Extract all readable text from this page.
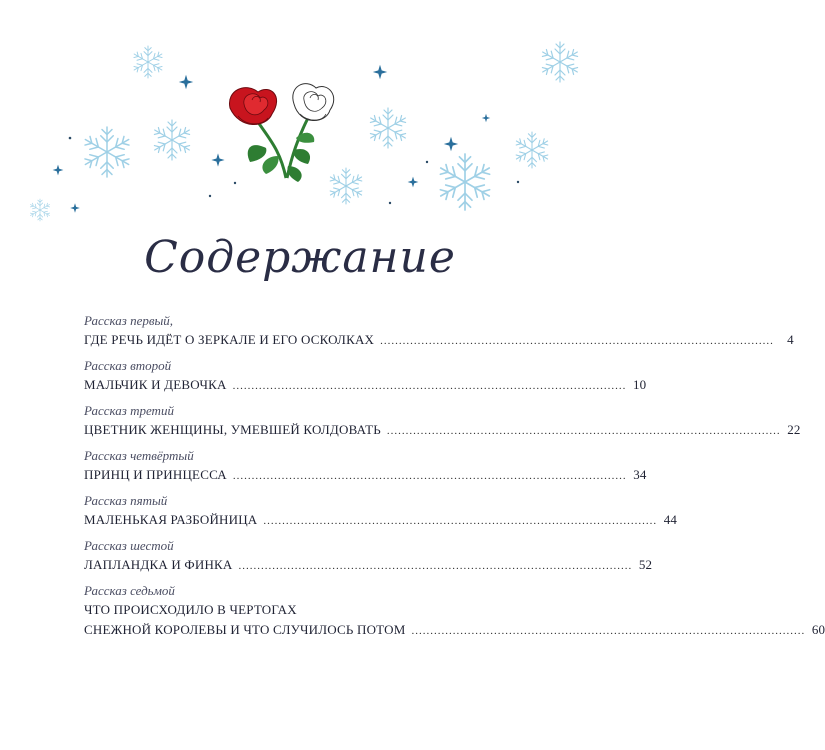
Содержание
Рассказ первый,
ГДЕ РЕЧЬ ИДЁТ О ЗЕРКАЛЕ И ЕГО ОСКОЛКАХ .........................................................................................................	4
Рассказ второй
МАЛЬЧИК И ДЕВОЧКА ......................................................................................................... 10
Рассказ третий
ЦВЕТНИК ЖЕНЩИНЫ, УМЕВШЕЙ КОЛДОВАТЬ ......................................................................................................... 22
Рассказ четвёртый
ПРИНЦ И ПРИНЦЕССА ......................................................................................................... 34
Рассказ пятый
МАЛЕНЬКАЯ РАЗБОЙНИЦА ......................................................................................................... 44
Рассказ шестой
ЛАПЛАНДКА И ФИНКА ......................................................................................................... 52
Рассказ седьмой
ЧТО ПРОИСХОДИЛО В ЧЕРТОГАХ
СНЕЖНОЙ КОРОЛЕВЫ И ЧТО СЛУЧИЛОСЬ ПОТОМ ......................................................................................................... 60
